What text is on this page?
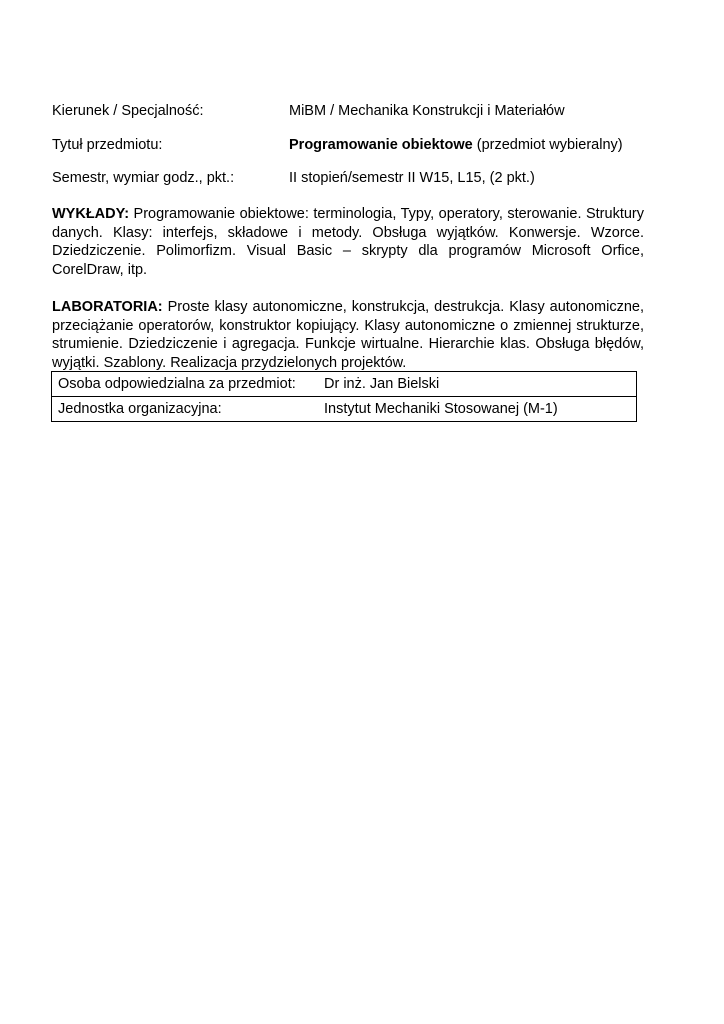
Kierunek / Specjalność:	MiBM / Mechanika Konstrukcji i Materiałów
Tytuł przedmiotu:	Programowanie obiektowe (przedmiot wybieralny)
Semestr, wymiar godz., pkt.:	II stopień/semestr II W15, L15, (2 pkt.)

WYKŁADY: Programowanie obiektowe: terminologia, Typy, operatory, sterowanie. Struktury danych. Klasy: interfejs, składowe i metody. Obsługa wyjątków. Konwersje. Wzorce. Dziedziczenie. Polimorfizm. Visual Basic – skrypty dla programów Microsoft Orfice, CorelDraw, itp.

LABORATORIA: Proste klasy autonomiczne, konstrukcja, destrukcja. Klasy autonomiczne, przeciążanie operatorów, konstruktor kopiujący. Klasy autonomiczne o zmiennej strukturze, strumienie. Dziedziczenie i agregacja. Funkcje wirtualne. Hierarchie klas. Obsługa błędów, wyjątki. Szablony. Realizacja przydzielonych projektów.

Osoba odpowiedzialna za przedmiot:	Dr inż. Jan Bielski
Jednostka organizacyjna:	Instytut Mechaniki Stosowanej (M-1)
